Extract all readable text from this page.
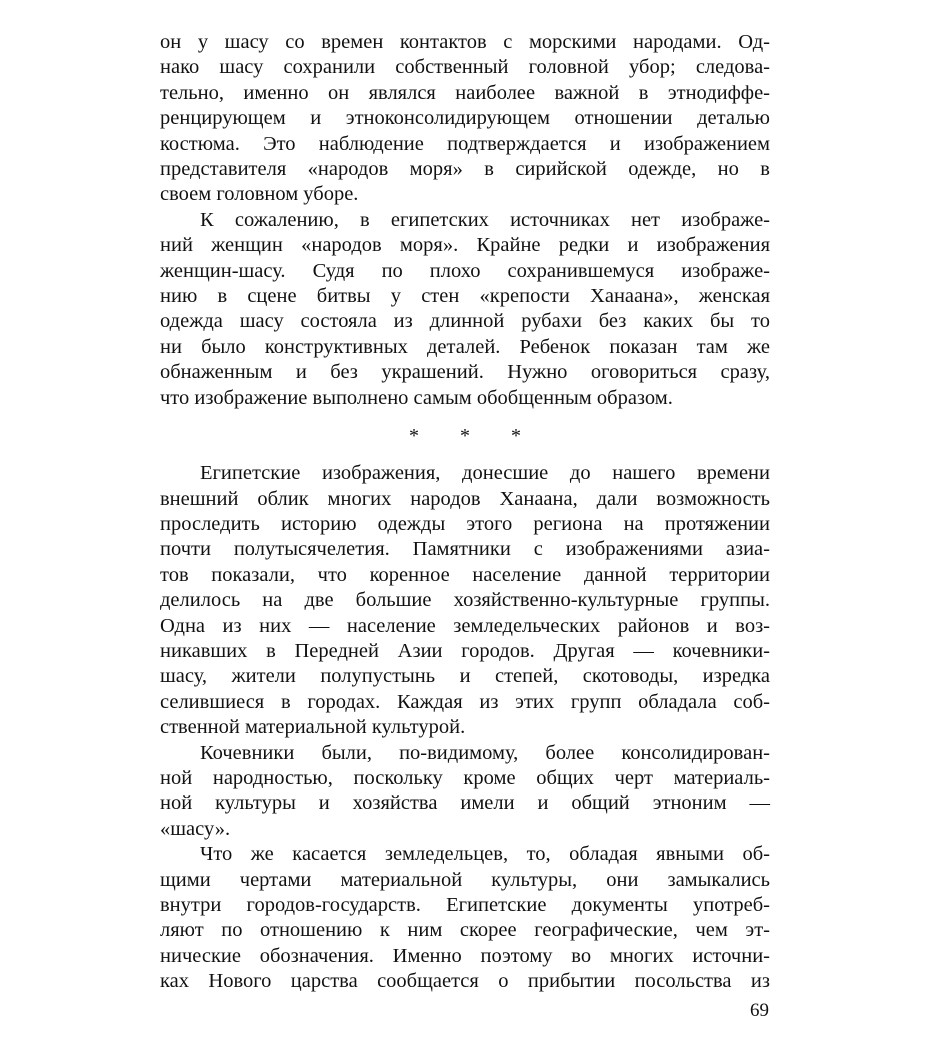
он у шасу со времен контактов с морскими народами. Од-
нако шасу сохранили собственный головной убор; следова-
тельно, именно он являлся наиболее важной в этнодиффе-
ренцирующем и этноконсолидирующем отношении деталью
костюма. Это наблюдение подтверждается и изображением
представителя «народов моря» в сирийской одежде, но в
своем головном уборе.
К сожалению, в египетских источниках нет изображе-
ний женщин «народов моря». Крайне редки и изображения
женщин-шасу. Судя по плохо сохранившемуся изображе-
нию в сцене битвы у стен «крепости Ханаана», женская
одежда шасу состояла из длинной рубахи без каких бы то
ни было конструктивных деталей. Ребенок показан там же
обнаженным и без украшений. Нужно оговориться сразу,
что изображение выполнено самым обобщенным образом.
* * *
Египетские изображения, донесшие до нашего времени
внешний облик многих народов Ханаана, дали возможность
проследить историю одежды этого региона на протяжении
почти полутысячелетия. Памятники с изображениями азиа-
тов показали, что коренное население данной территории
делилось на две большие хозяйственно-культурные группы.
Одна из них — население земледельческих районов и воз-
никавших в Передней Азии городов. Другая — кочевники-
шасу, жители полупустынь и степей, скотоводы, изредка
селившиеся в городах. Каждая из этих групп обладала соб-
ственной материальной культурой.
Кочевники были, по-видимому, более консолидирован-
ной народностью, поскольку кроме общих черт материаль-
ной культуры и хозяйства имели и общий этноним —
«шасу».
Что же касается земледельцев, то, обладая явными об-
щими чертами материальной культуры, они замыкались
внутри городов-государств. Египетские документы употреб-
ляют по отношению к ним скорее географические, чем эт-
нические обозначения. Именно поэтому во многих источни-
ках Нового царства сообщается о прибытии посольства из
69
